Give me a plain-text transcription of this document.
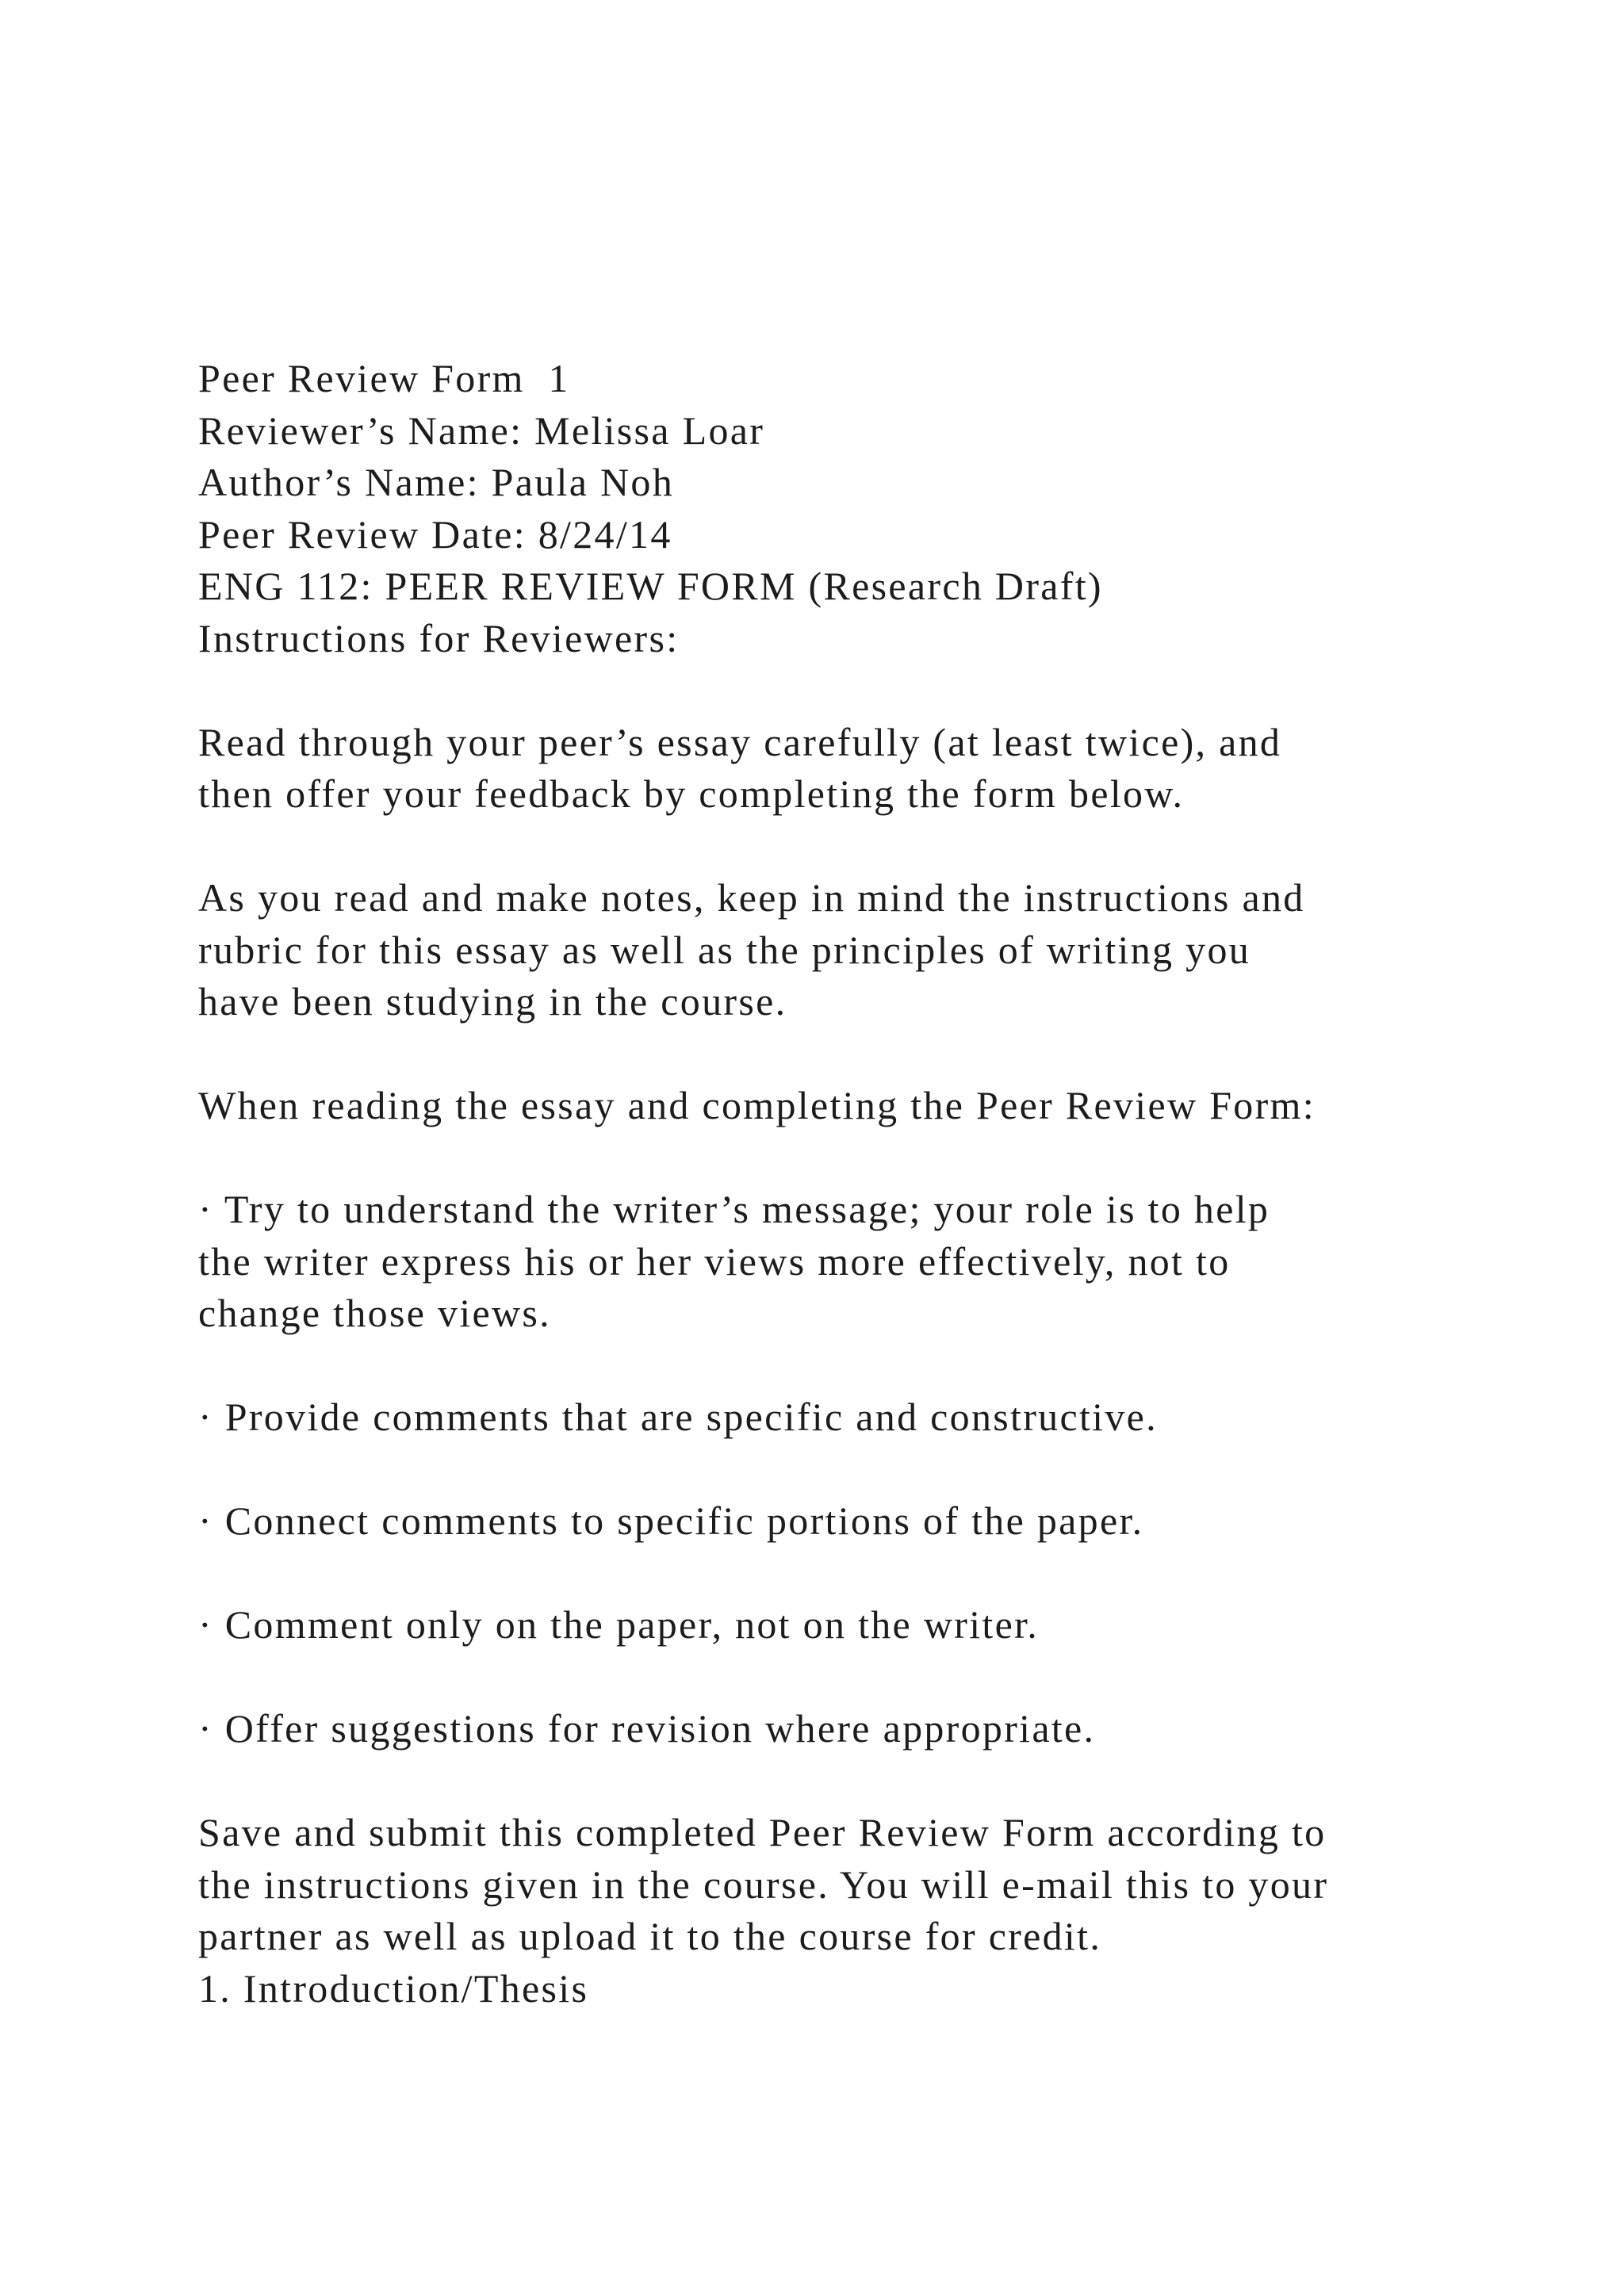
Peer Review Form  1
Reviewer’s Name: Melissa Loar
Author’s Name: Paula Noh
Peer Review Date: 8/24/14
ENG 112: PEER REVIEW FORM (Research Draft)
Instructions for Reviewers:
Read through your peer’s essay carefully (at least twice), and
then offer your feedback by completing the form below.
As you read and make notes, keep in mind the instructions and
rubric for this essay as well as the principles of writing you
have been studying in the course.
When reading the essay and completing the Peer Review Form:
· Try to understand the writer’s message; your role is to help
the writer express his or her views more effectively, not to
change those views.
· Provide comments that are specific and constructive.
· Connect comments to specific portions of the paper.
· Comment only on the paper, not on the writer.
· Offer suggestions for revision where appropriate.
Save and submit this completed Peer Review Form according to
the instructions given in the course. You will e-mail this to your
partner as well as upload it to the course for credit.
1. Introduction/Thesis
